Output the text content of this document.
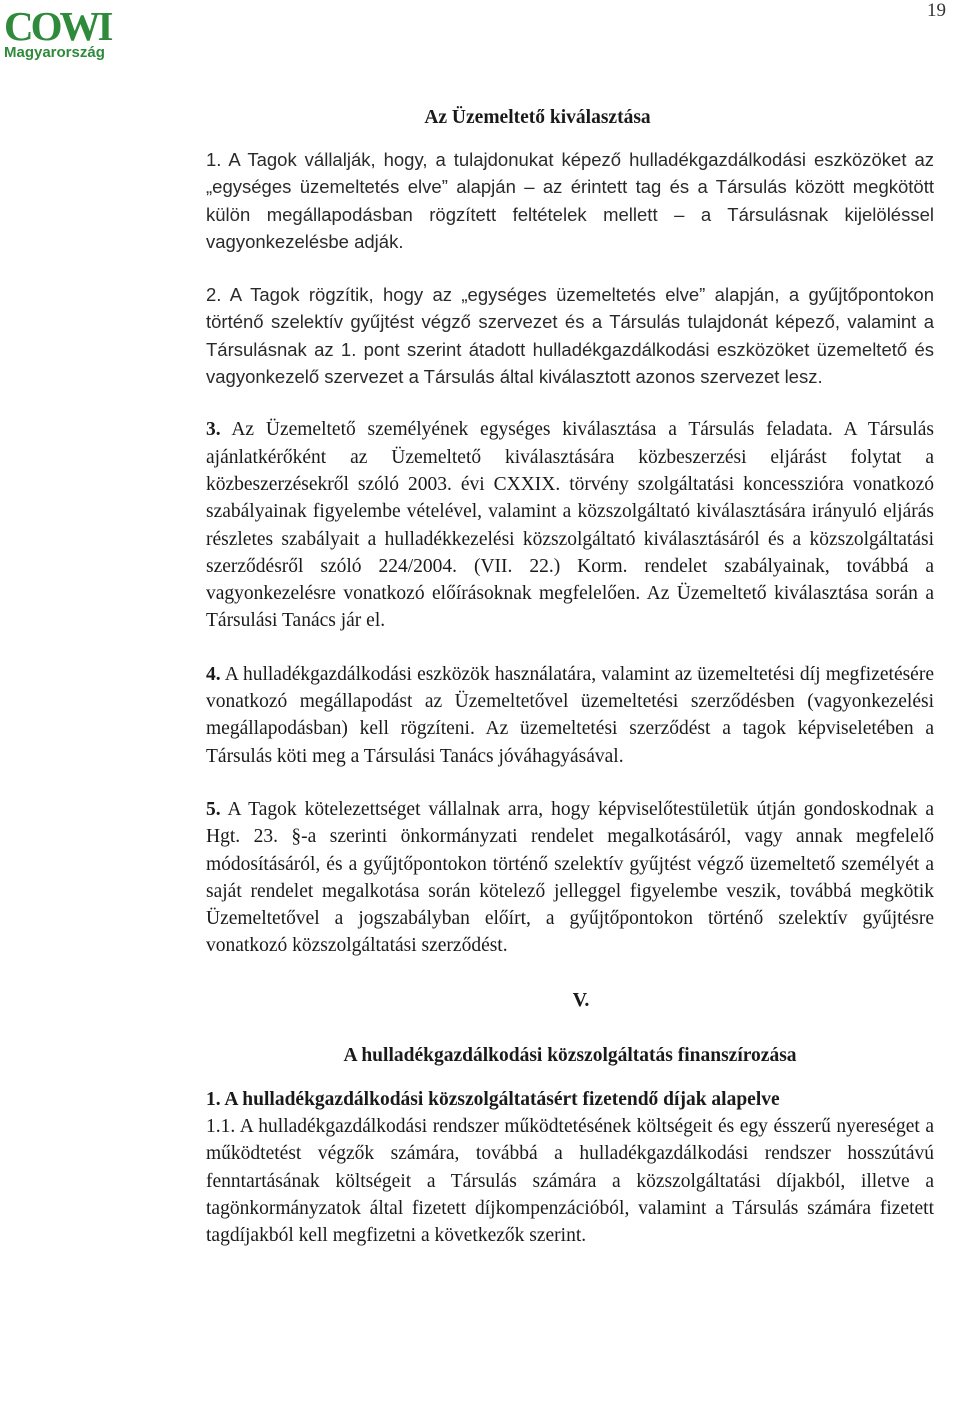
COWI
Magyarország
19

Az Üzemeltető kiválasztása

1. A Tagok vállalják, hogy, a tulajdonukat képező hulladékgazdálkodási eszközöket az „egységes üzemeltetés elve” alapján – az érintett tag és a Társulás között megkötött külön megállapodásban rögzített feltételek mellett – a Társulásnak kijelöléssel vagyonkezelésbe adják.

2. A Tagok rögzítik, hogy az „egységes üzemeltetés elve” alapján, a gyűjtőpontokon történő szelektív gyűjtést végző szervezet és a Társulás tulajdonát képező, valamint a Társulásnak az 1. pont szerint átadott hulladékgazdálkodási eszközöket üzemeltető és vagyonkezelő szervezet a Társulás által kiválasztott azonos szervezet lesz.

3. Az Üzemeltető személyének egységes kiválasztása a Társulás feladata. A Társulás ajánlatkérőként az Üzemeltető kiválasztására közbeszerzési eljárást folytat a közbeszerzésekről szóló 2003. évi CXXIX. törvény szolgáltatási koncesszióra vonatkozó szabályainak figyelembe vételével, valamint a közszolgáltató kiválasztására irányuló eljárás részletes szabályait a hulladékkezelési közszolgáltató kiválasztásáról és a közszolgáltatási szerződésről szóló 224/2004. (VII. 22.) Korm. rendelet szabályainak, továbbá a vagyonkezelésre vonatkozó előírásoknak megfelelően. Az Üzemeltető kiválasztása során a Társulási Tanács jár el.

4. A hulladékgazdálkodási eszközök használatára, valamint az üzemeltetési díj megfizetésére vonatkozó megállapodást az Üzemeltetővel üzemeltetési szerződésben (vagyonkezelési megállapodásban) kell rögzíteni. Az üzemeltetési szerződést a tagok képviseletében a Társulás köti meg a Társulási Tanács jóváhagyásával.

5. A Tagok kötelezettséget vállalnak arra, hogy képviselőtestületük útján gondoskodnak a Hgt. 23. §-a szerinti önkormányzati rendelet megalkotásáról, vagy annak megfelelő módosításáról, és a gyűjtőpontokon történő szelektív gyűjtést végző üzemeltető személyét a saját rendelet megalkotása során kötelező jelleggel figyelembe veszik, továbbá megkötik Üzemeltetővel a jogszabályban előírt, a gyűjtőpontokon történő szelektív gyűjtésre vonatkozó közszolgáltatási szerződést.

V.

A hulladékgazdálkodási közszolgáltatás finanszírozása

1. A hulladékgazdálkodási közszolgáltatásért fizetendő díjak alapelve

1.1. A hulladékgazdálkodási rendszer működtetésének költségeit és egy ésszerű nyereséget a működtetést végzők számára, továbbá a hulladékgazdálkodási rendszer hosszútávú fenntartásának költségeit a Társulás számára a közszolgáltatási díjakból, illetve a tagönkormányzatok által fizetett díjkompenzációból, valamint a Társulás számára fizetett tagdíjakból kell megfizetni a következők szerint.
